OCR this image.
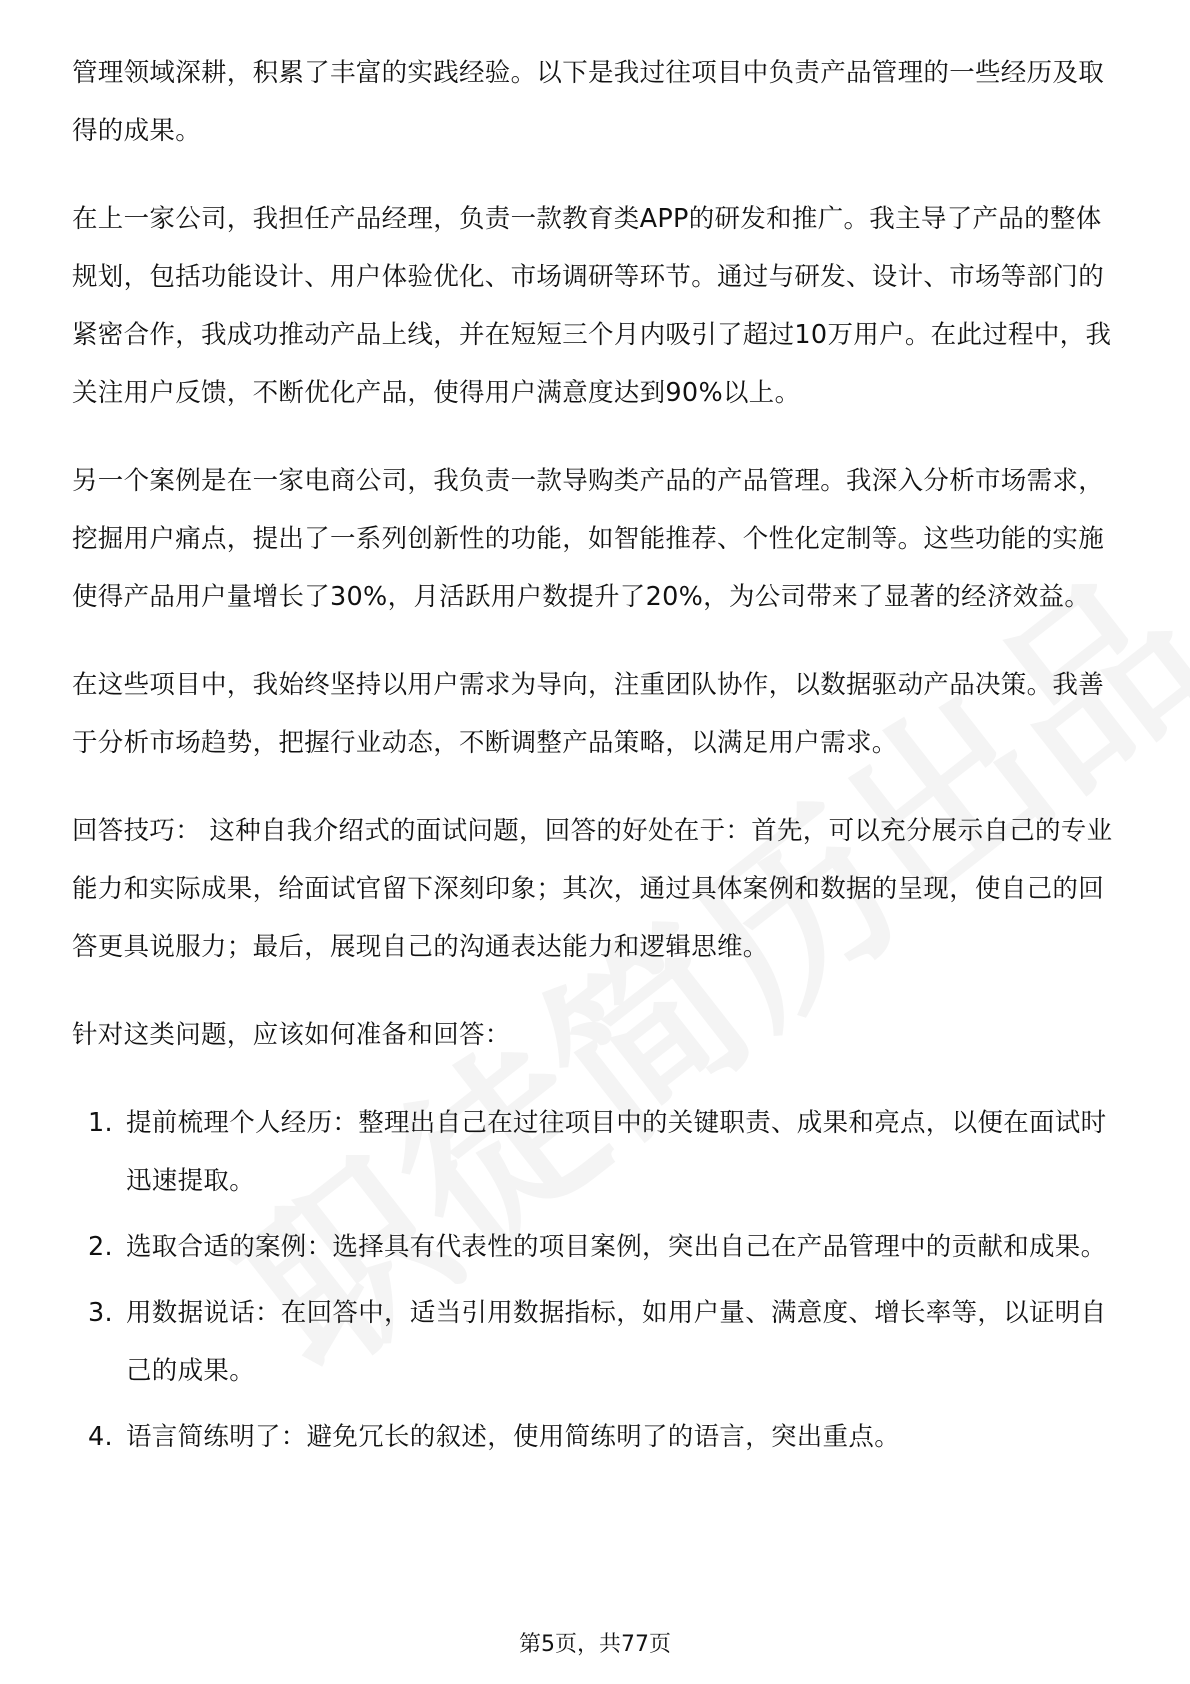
管理领域深耕，积累了丰富的实践经验。以下是我过往项目中负责产品管理的一些经历及取得的成果。

在上一家公司，我担任产品经理，负责一款教育类APP的研发和推广。我主导了产品的整体规划，包括功能设计、用户体验优化、市场调研等环节。通过与研发、设计、市场等部门的紧密合作，我成功推动产品上线，并在短短三个月内吸引了超过10万用户。在此过程中，我关注用户反馈，不断优化产品，使得用户满意度达到90%以上。

另一个案例是在一家电商公司，我负责一款导购类产品的产品管理。我深入分析市场需求，挖掘用户痛点，提出了一系列创新性的功能，如智能推荐、个性化定制等。这些功能的实施使得产品用户量增长了30%，月活跃用户数提升了20%，为公司带来了显著的经济效益。

在这些项目中，我始终坚持以用户需求为导向，注重团队协作，以数据驱动产品决策。我善于分析市场趋势，把握行业动态，不断调整产品策略，以满足用户需求。

回答技巧： 这种自我介绍式的面试问题，回答的好处在于：首先，可以充分展示自己的专业能力和实际成果，给面试官留下深刻印象；其次，通过具体案例和数据的呈现，使自己的回答更具说服力；最后，展现自己的沟通表达能力和逻辑思维。

针对这类问题，应该如何准备和回答：

1. 提前梳理个人经历：整理出自己在过往项目中的关键职责、成果和亮点，以便在面试时迅速提取。
2. 选取合适的案例：选择具有代表性的项目案例，突出自己在产品管理中的贡献和成果。
3. 用数据说话：在回答中，适当引用数据指标，如用户量、满意度、增长率等，以证明自己的成果。
4. 语言简练明了：避免冗长的叙述，使用简练明了的语言，突出重点。
第5页，共77页
